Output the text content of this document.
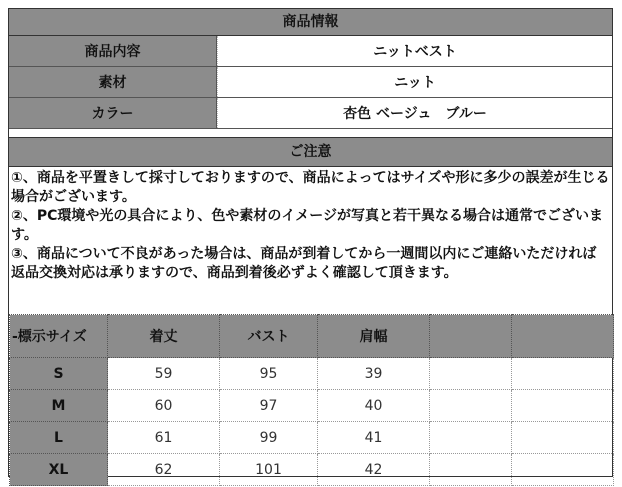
商品情報
商品内容	ニットベスト
素材	ニット
カラー	杏色 ベージュ　ブルー
ご注意

①、商品を平置きして採寸しておりますので、商品によってはサイズや形に多少の誤差が生じる場合がございます。

②、PC環境や光の具合により、色や素材のイメージが写真と若干異なる場合は通常でございます。

③、商品について不良があった場合は、商品が到着してから一週間以内にご連絡いただければ返品交換対応は承りますので、商品到着後必ずよく確認して頂きます。

-標示サイズ	着丈	バスト	肩幅		
S	59	95	39		
M	60	97	40		
L	61	99	41		
XL	62	101	42		
